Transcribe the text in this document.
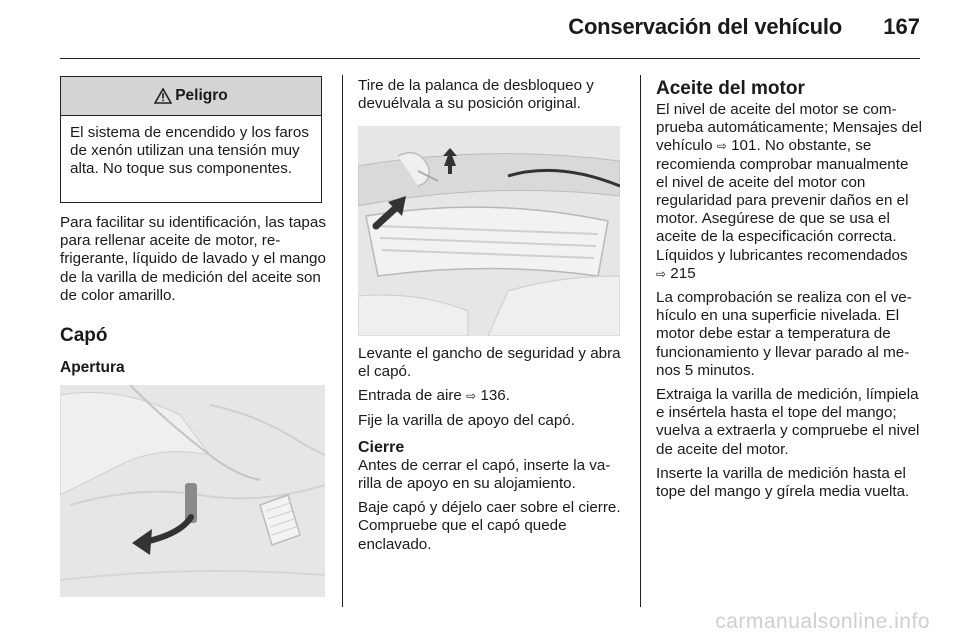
Conservación del vehículo 167
Peligro

El sistema de encendido y los faros de xenón utilizan una tensión muy alta. No toque sus componentes.

Para facilitar su identificación, las tapas para rellenar aceite de motor, refrigerante, líquido de lavado y el mango de la varilla de medición del aceite son de color amarillo.

Capó
Apertura

Tire de la palanca de desbloqueo y devuélvala a su posición original.

Levante el gancho de seguridad y abra el capó.

Entrada de aire ⇨ 136.

Fije la varilla de apoyo del capó.

Cierre

Antes de cerrar el capó, inserte la varilla de apoyo en su alojamiento.

Baje capó y déjelo caer sobre el cierre. Compruebe que el capó quede enclavado.

Aceite del motor

El nivel de aceite del motor se comprueba automáticamente; Mensajes del vehículo ⇨ 101. No obstante, se recomienda comprobar manualmente el nivel de aceite del motor con regularidad para prevenir daños en el motor. Asegúrese de que se usa el aceite de la especificación correcta.

Líquidos y lubricantes recomendados
⇨ 215

La comprobación se realiza con el vehículo en una superficie nivelada. El motor debe estar a temperatura de funcionamiento y llevar parado al menos 5 minutos.

Extraiga la varilla de medición, límpiela e insértela hasta el tope del mango; vuelva a extraerla y compruebe el nivel de aceite del motor.

Inserte la varilla de medición hasta el tope del mango y gírela media vuelta.

carmanualsonline.info
